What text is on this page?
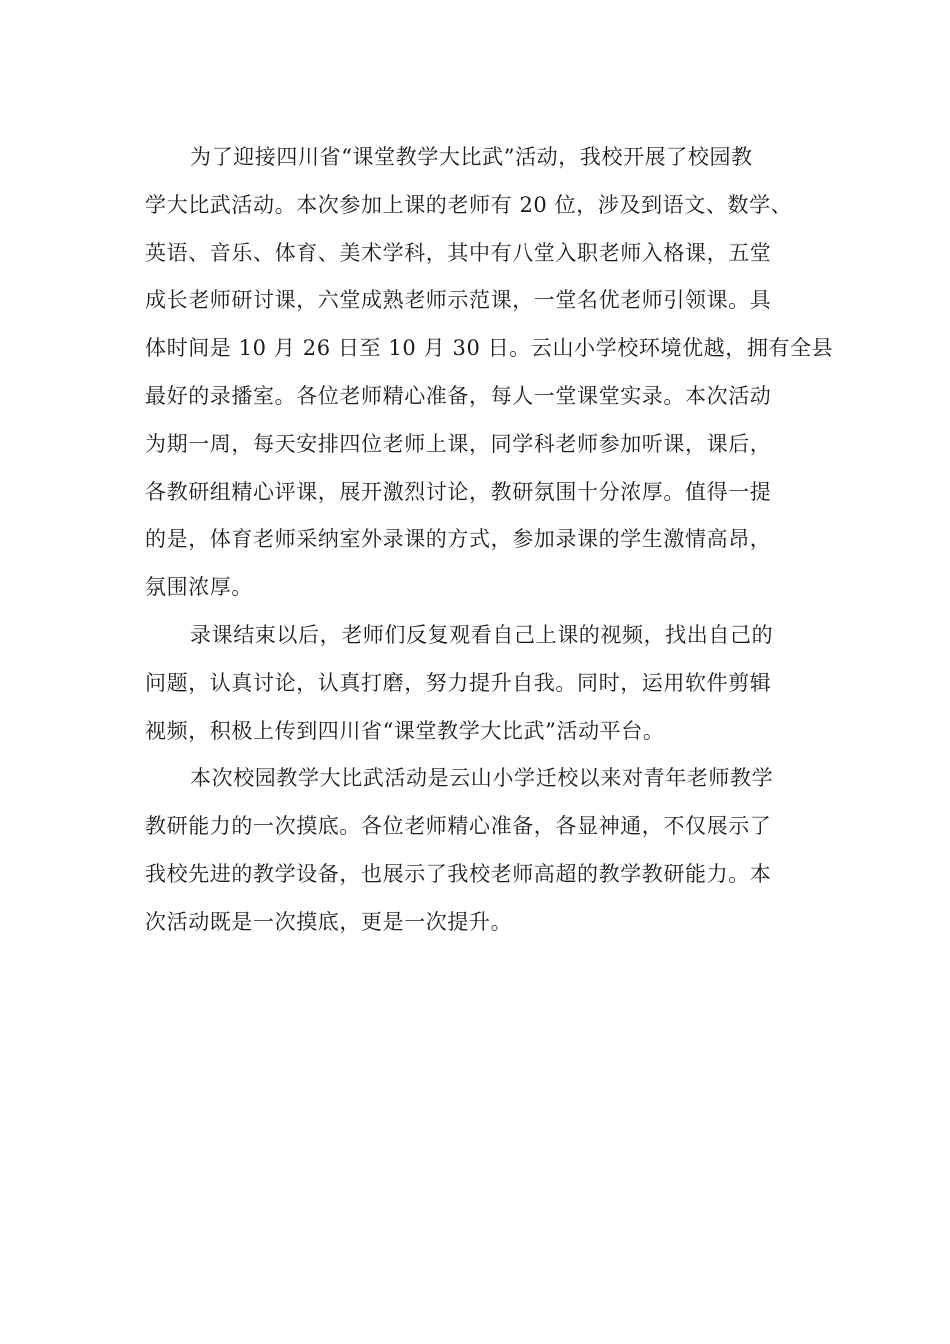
为了迎接四川省“课堂教学大比武”活动，我校开展了校园教
学大比武活动。本次参加上课的老师有 20 位，涉及到语文、数学、
英语、音乐、体育、美术学科，其中有八堂入职老师入格课，五堂
成长老师研讨课，六堂成熟老师示范课，一堂名优老师引领课。具
体时间是 10 月 26 日至 10 月 30 日。云山小学校环境优越，拥有全县
最好的录播室。各位老师精心准备，每人一堂课堂实录。本次活动
为期一周，每天安排四位老师上课，同学科老师参加听课，课后，
各教研组精心评课，展开激烈讨论，教研氛围十分浓厚。值得一提
的是，体育老师采纳室外录课的方式，参加录课的学生激情高昂，
氛围浓厚。
录课结束以后，老师们反复观看自己上课的视频，找出自己的
问题，认真讨论，认真打磨，努力提升自我。同时，运用软件剪辑
视频，积极上传到四川省“课堂教学大比武”活动平台。
本次校园教学大比武活动是云山小学迁校以来对青年老师教学
教研能力的一次摸底。各位老师精心准备，各显神通，不仅展示了
我校先进的教学设备，也展示了我校老师高超的教学教研能力。本
次活动既是一次摸底，更是一次提升。
